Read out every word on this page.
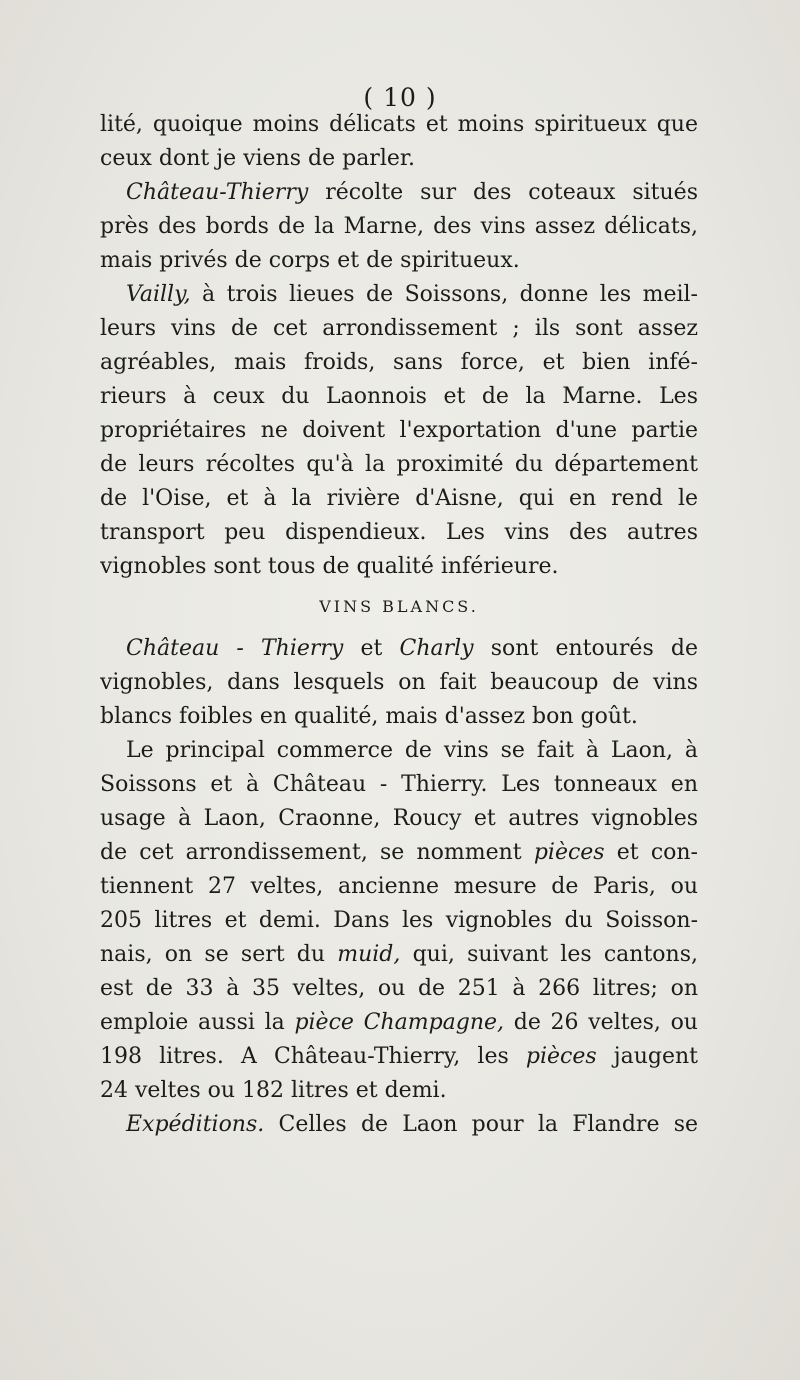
( 10 )
lité, quoique moins délicats et moins spiritueux que
ceux dont je viens de parler.
Château-Thierry récolte sur des coteaux situés
près des bords de la Marne, des vins assez délicats,
mais privés de corps et de spiritueux.
Vailly, à trois lieues de Soissons, donne les meil-
leurs vins de cet arrondissement ; ils sont assez
agréables, mais froids, sans force, et bien infé-
rieurs à ceux du Laonnois et de la Marne. Les
propriétaires ne doivent l'exportation d'une partie
de leurs récoltes qu'à la proximité du département
de l'Oise, et à la rivière d'Aisne, qui en rend le
transport peu dispendieux. Les vins des autres
vignobles sont tous de qualité inférieure.
VINS BLANCS.
Château - Thierry et Charly sont entourés de
vignobles, dans lesquels on fait beaucoup de vins
blancs foibles en qualité, mais d'assez bon goût.
Le principal commerce de vins se fait à Laon, à
Soissons et à Château - Thierry. Les tonneaux en
usage à Laon, Craonne, Roucy et autres vignobles
de cet arrondissement, se nomment pièces et con-
tiennent 27 veltes, ancienne mesure de Paris, ou
205 litres et demi. Dans les vignobles du Soisson-
nais, on se sert du muid, qui, suivant les cantons,
est de 33 à 35 veltes, ou de 251 à 266 litres; on
emploie aussi la pièce Champagne, de 26 veltes, ou
198 litres. A Château-Thierry, les pièces jaugent
24 veltes ou 182 litres et demi.
Expéditions. Celles de Laon pour la Flandre se
